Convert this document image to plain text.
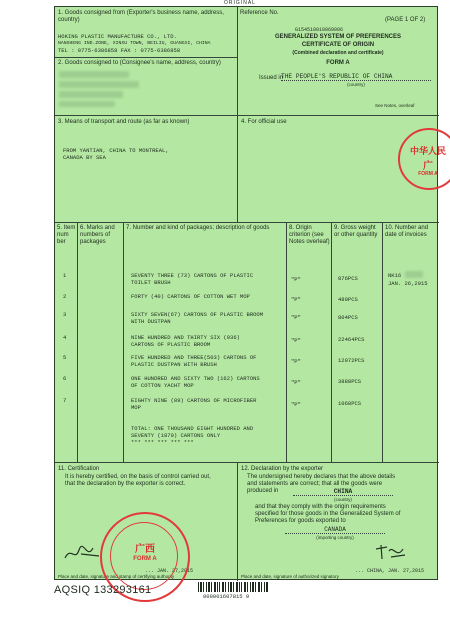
ORIGINAL
1. Goods consigned from (Exporter's business name, address, country)
HOKING PLASTIC MANUFACTURE CO., LTD.
NANSHENG IND.ZONE, XINXU TOWN, BEILIU, GUANGXI, CHINA
TEL : 0775-6386858 FAX : 0775-6386858
2. Goods consigned to (Consignee's name, address, country)
Reference No.
(PAGE 1 OF 2)
G154510010060006
GENERALIZED SYSTEM OF PREFERENCES
CERTIFICATE OF ORIGIN
(Combined declaration and certificate)
FORM A
Issued in
THE PEOPLE'S REPUBLIC OF CHINA
(country)
See Notes, overleaf
3. Means of transport and route (as far as known)
FROM YANTIAN, CHINA TO MONTREAL,
CANADA BY SEA
4. For official use
5. Item num ber
6. Marks and numbers of packages
7. Number and kind of packages; description of goods	8. Origin criterion (see Notes overleaf)
9. Gross weight or other quantity
10. Number and date of invoices
1	SEVENTY THREE (73) CARTONS OF PLASTIC
TOILET BRUSH	"P"	876PCS
2	FORTY (40) CARTONS OF COTTON WET MOP	"P"	480PCS
3	SIXTY SEVEN(67) CARTONS OF PLASTIC BROOM
WITH DUSTPAN
"P"	804PCS
4	NINE HUNDRED AND THIRTY SIX (936)
CARTONS OF PLASTIC BROOM
"P"	22464PCS
5	FIVE HUNDRED AND THREE(503) CARTONS OF
PLASTIC DUSTPAN WITH BRUSH	"P"	12072PCS
6	ONE HUNDRED AND SIXTY TWO (162) CARTONS
OF COTTON YACHT MOP	"P"	3888PCS
7	EIGHTY NINE (89) CARTONS OF MICROFIBER
MOP	"P"	1068PCS
TOTAL: ONE THOUSAND EIGHT HUNDRED AND
SEVENTY (1870) CARTONS ONLY
*** *** *** *** ***
NK16
JAN. 26,2015
11. Certification
It is hereby certified, on the basis of control carried out,
that the declaration by the exporter is correct.
... JAN. 27,2015
Place and date, signature and stamp of certifying authority
12. Declaration by the exporter
The undersigned hereby declares that the above details
and statements are correct; that all the goods were
produced in	CHINA
(country)
and that they comply with the origin requirements
specified for those goods in the Generalized System of
Preferences for goods exported to
CANADA
(importing country)
... CHINA, JAN. 27,2015
Place and date, signature of authorized signatory
中华人民
广
FORM A
广西
FORM A
AQSIQ 133293161
000001607815 9
